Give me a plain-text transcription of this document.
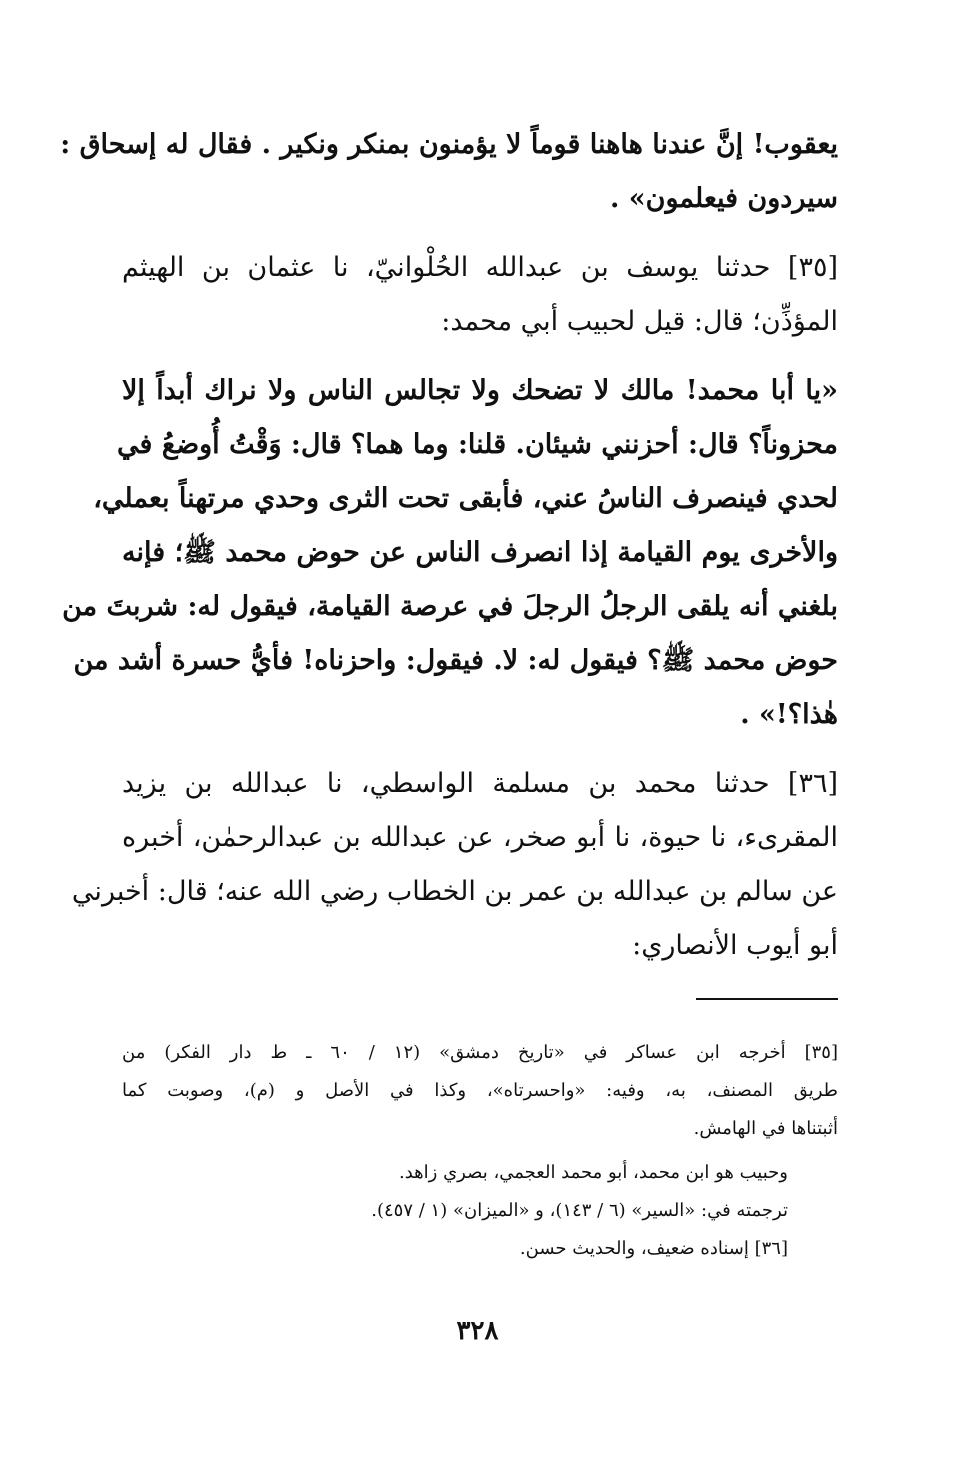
يعقوب! إنَّ عندنا هاهنا قوماً لا يؤمنون بمنكر ونكير . فقال له إسحاق :
سيردون فيعلمون» .
[٣٥] حدثنا يوسف بن عبدالله الحُلْوانيّ، نا عثمان بن الهيثم
المؤذِّن؛ قال: قيل لحبيب أبي محمد:
«يا أبا محمد! مالك لا تضحك ولا تجالس الناس ولا نراك أبداً إلا
محزوناً؟ قال: أحزنني شيئان. قلنا: وما هما؟ قال: وَقْتُ أُوضعُ في
لحدي فينصرف الناسُ عني، فأبقى تحت الثرى وحدي مرتهناً بعملي،
والأخرى يوم القيامة إذا انصرف الناس عن حوض محمد ﷺ؛ فإنه
بلغني أنه يلقى الرجلُ الرجلَ في عرصة القيامة، فيقول له: شربتَ من
حوض محمد ﷺ؟ فيقول له: لا. فيقول: واحزناه! فأيُّ حسرة أشد من
هٰذا؟!» .
[٣٦] حدثنا محمد بن مسلمة الواسطي، نا عبدالله بن يزيد
المقرىء، نا حيوة، نا أبو صخر، عن عبدالله بن عبدالرحمٰن، أخبره
عن سالم بن عبدالله بن عمر بن الخطاب رضي الله عنه؛ قال: أخبرني
أبو أيوب الأنصاري:
[٣٥] أخرجه ابن عساكر في «تاريخ دمشق» (١٢ / ٦٠ ـ ط دار الفكر) من
طريق المصنف، به، وفيه: «واحسرتاه»، وكذا في الأصل و (م)، وصوبت كما
أثبتناها في الهامش.
وحبيب هو ابن محمد، أبو محمد العجمي، بصري زاهد.
ترجمته في: «السير» (٦ / ١٤٣)، و «الميزان» (١ / ٤٥٧).
[٣٦] إسناده ضعيف، والحديث حسن.
٣٢٨
